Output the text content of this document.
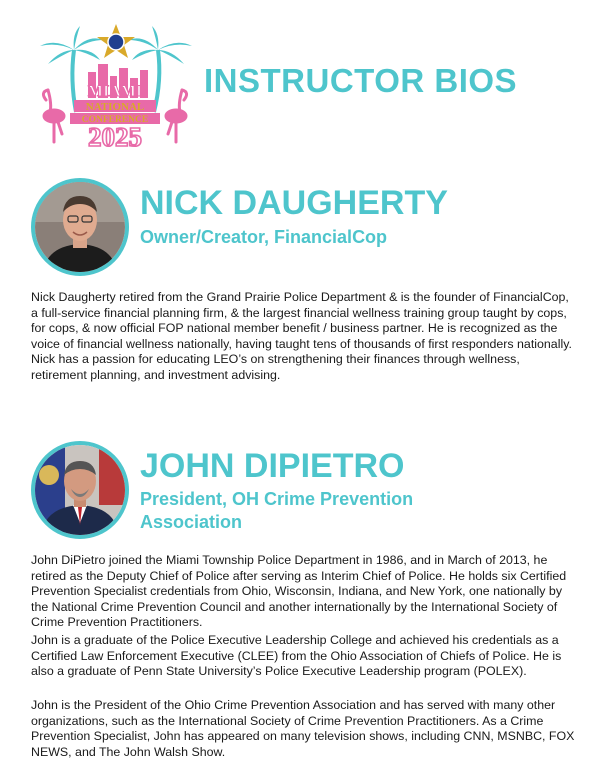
MIAMI
NATIONAL
CONFERENCE
2025
INSTRUCTOR BIOS
NICK DAUGHERTY
Owner/Creator, FinancialCop

Nick Daugherty retired from the Grand Prairie Police Department & is the founder of FinancialCop, a full-service financial planning firm, & the largest financial wellness training group taught by cops, for cops, & now official FOP national member benefit / business partner. He is recognized as the voice of financial wellness nationally, having taught tens of thousands of first responders nationally. Nick has a passion for educating LEO’s on strengthening their finances through wellness, retirement planning, and investment advising.

JOHN DIPIETRO
President, OH Crime Prevention Association

John DiPietro joined the Miami Township Police Department in 1986, and in March of 2013, he retired as the Deputy Chief of Police after serving as Interim Chief of Police. He holds six Certified Prevention Specialist credentials from Ohio, Wisconsin, Indiana, and New York, one nationally by the National Crime Prevention Council and another internationally by the International Society of Crime Prevention Practitioners.

John is a graduate of the Police Executive Leadership College and achieved his credentials as a Certified Law Enforcement Executive (CLEE) from the Ohio Association of Chiefs of Police. He is also a graduate of Penn State University’s Police Executive Leadership program (POLEX).

John is the President of the Ohio Crime Prevention Association and has served with many other organizations, such as the International Society of Crime Prevention Practitioners. As a Crime Prevention Specialist, John has appeared on many television shows, including CNN, MSNBC, FOX NEWS, and The John Walsh Show.
